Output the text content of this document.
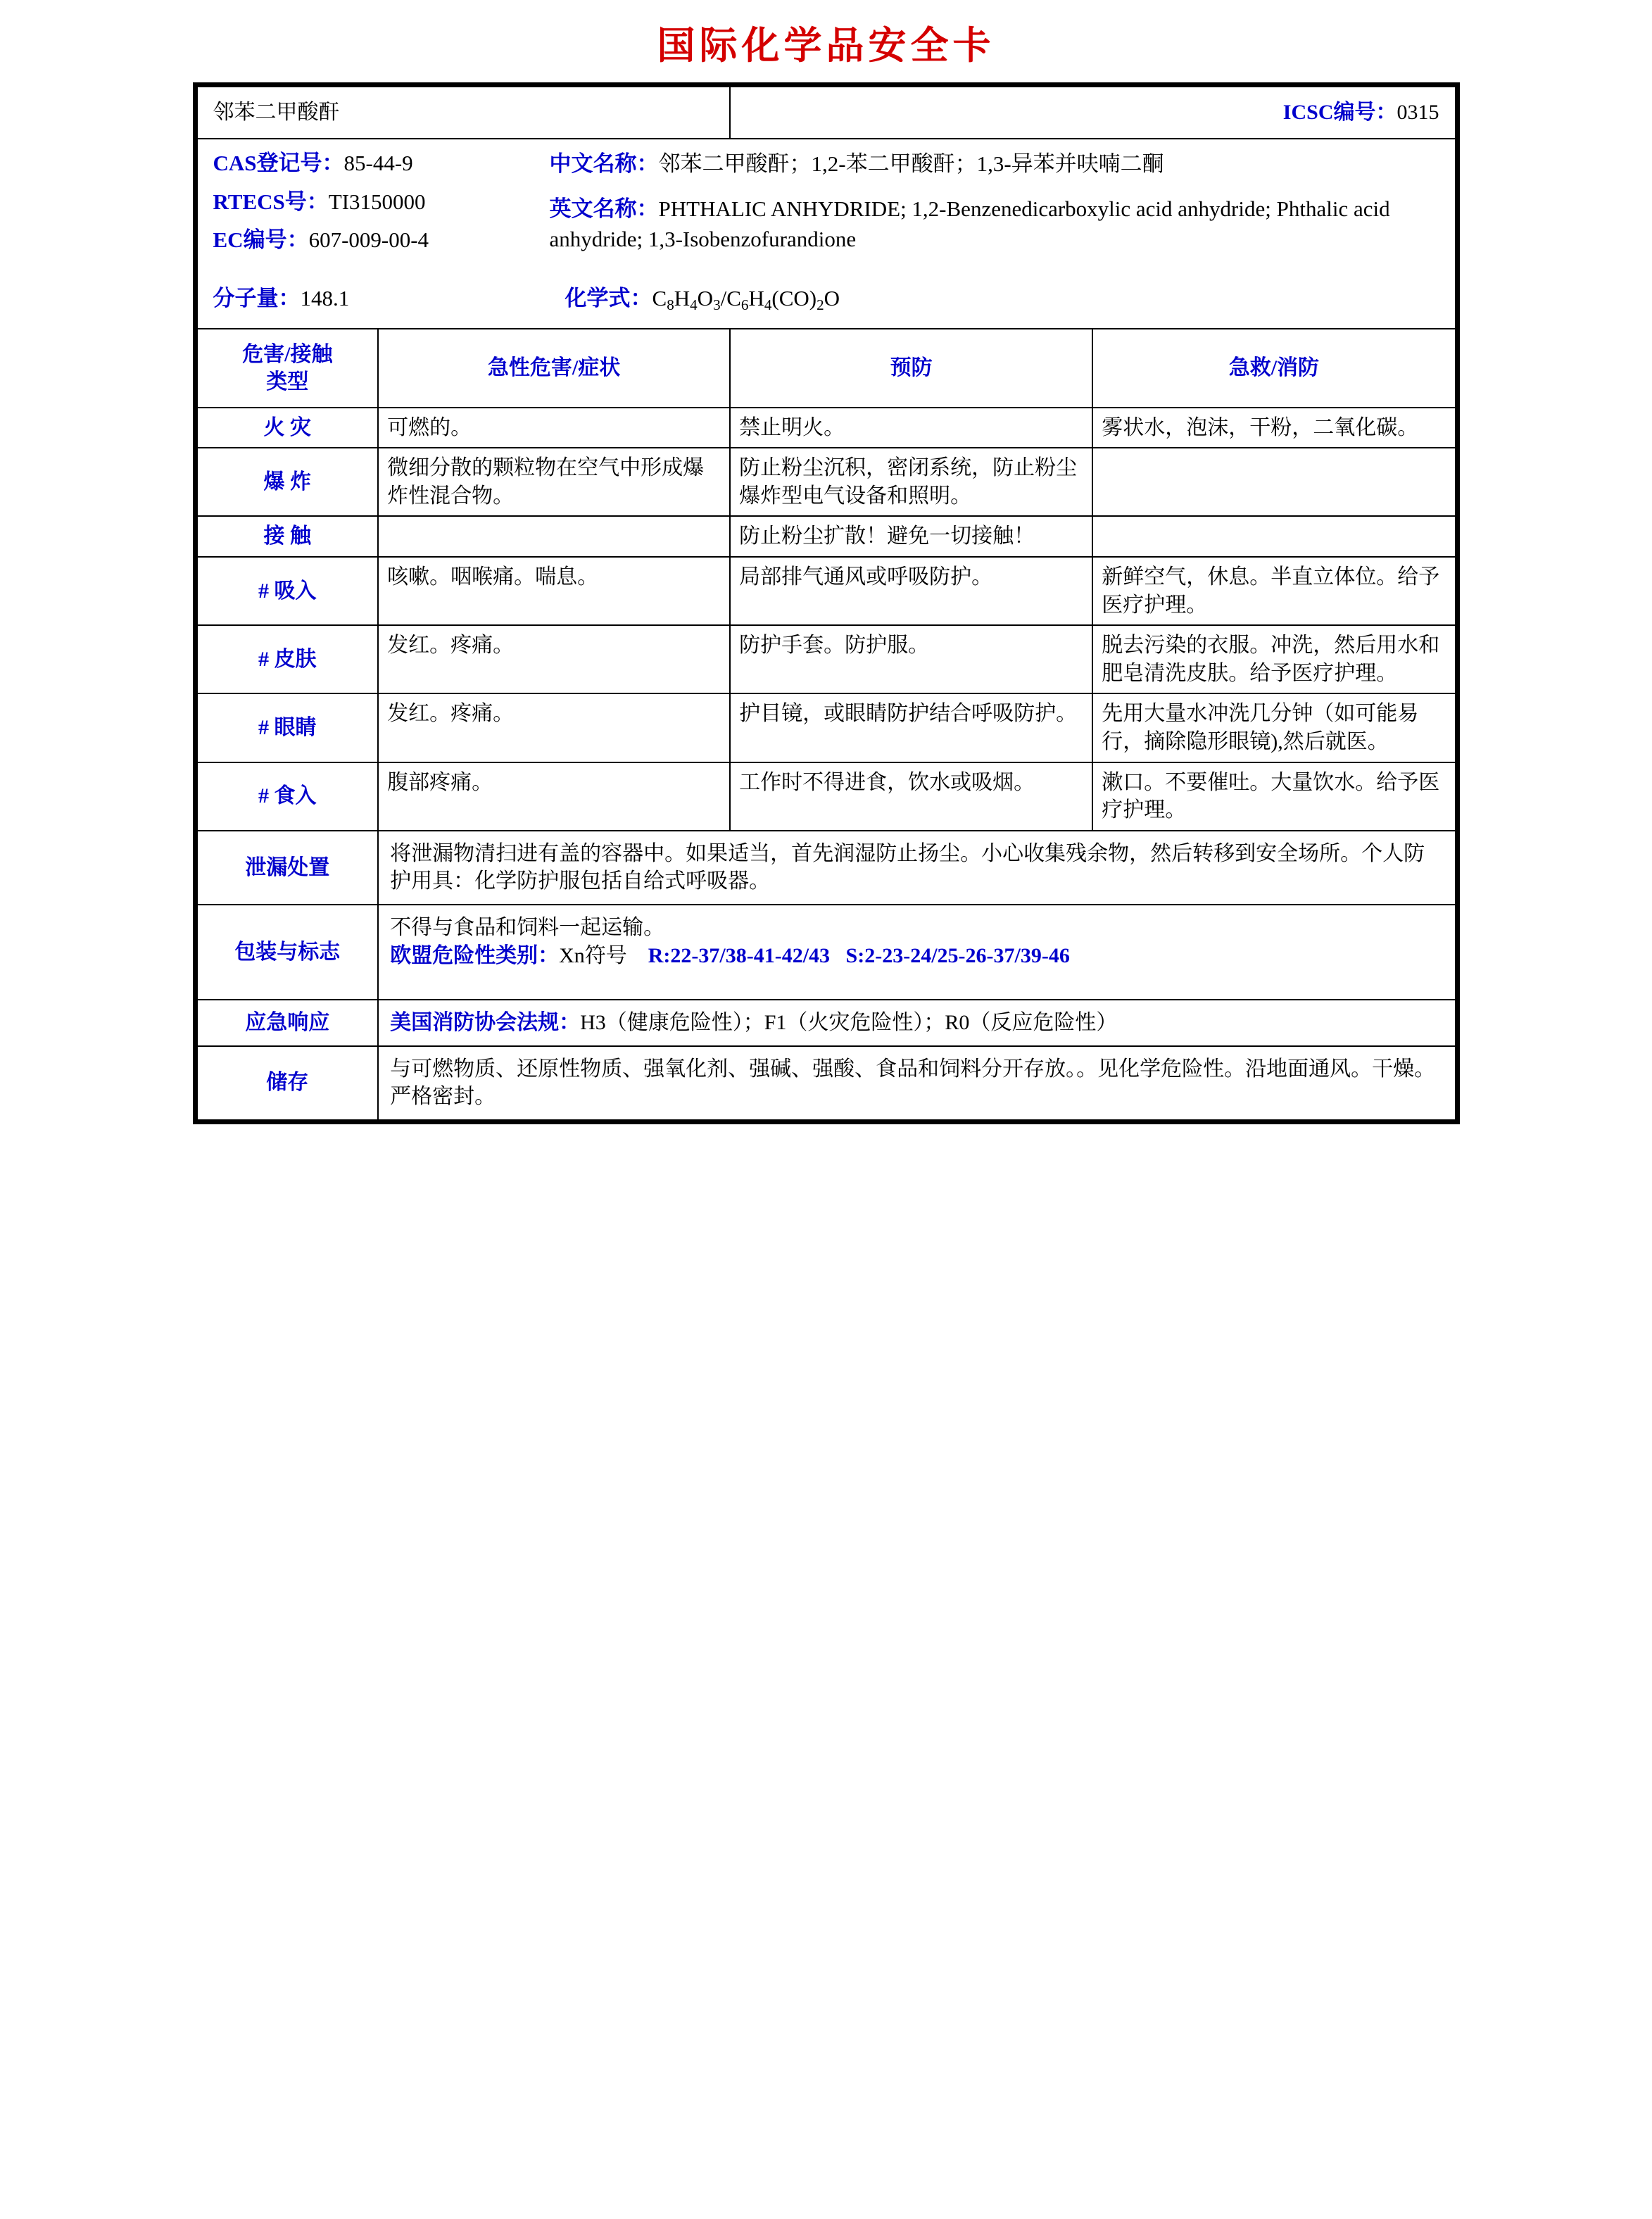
国际化学品安全卡
邻苯二甲酸酐		ICSC编号：0315	

CAS登记号：85-44-9
RTECS号：TI3150000
EC编号：607-009-00-4
中文名称：邻苯二甲酸酐；1,2-苯二甲酸酐；1,3-异苯并呋喃二酮
英文名称：PHTHALIC ANHYDRIDE; 1,2-Benzenedicarboxylic acid anhydride; Phthalic acid anhydride; 1,3-Isobenzofurandione
分子量：148.1	化学式：$C_8H_4O_3/C_6H_4(CO)_2O$

危害/接触
类型	急性危害/症状	预防	急救/消防
火 灾	可燃的。	禁止明火。	雾状水，泡沫，干粉，二氧化碳。
爆 炸	微细分散的颗粒物在空气中形成爆炸性混合物。	防止粉尘沉积，密闭系统，防止粉尘爆炸型电气设备和照明。	
接 触		防止粉尘扩散！避免一切接触！	
# 吸入	咳嗽。咽喉痛。喘息。	局部排气通风或呼吸防护。	新鲜空气，休息。半直立体位。给予医疗护理。
# 皮肤	发红。疼痛。	防护手套。防护服。	脱去污染的衣服。冲洗，然后用水和肥皂清洗皮肤。给予医疗护理。
# 眼睛	发红。疼痛。	护目镜，或眼睛防护结合呼吸防护。	先用大量水冲洗几分钟（如可能易行，摘除隐形眼镜),然后就医。
# 食入	腹部疼痛。	工作时不得进食，饮水或吸烟。	漱口。不要催吐。大量饮水。给予医疗护理。
泄漏处置	将泄漏物清扫进有盖的容器中。如果适当，首先润湿防止扬尘。小心收集残余物，然后转移到安全场所。个人防护用具：化学防护服包括自给式呼吸器。		
包装与标志	不得与食品和饲料一起运输。
欧盟危险性类别：Xn符号 R:22-37/38-41-42/43 S:2-23-24/25-26-37/39-46		

应急响应	美国消防协会法规：H3（健康危险性）；F1（火灾危险性）；R0（反应危险性）		
储存	与可燃物质、还原性物质、强氧化剂、强碱、强酸、食品和饲料分开存放。。见化学危险性。沿地面通风。干燥。严格密封。		
